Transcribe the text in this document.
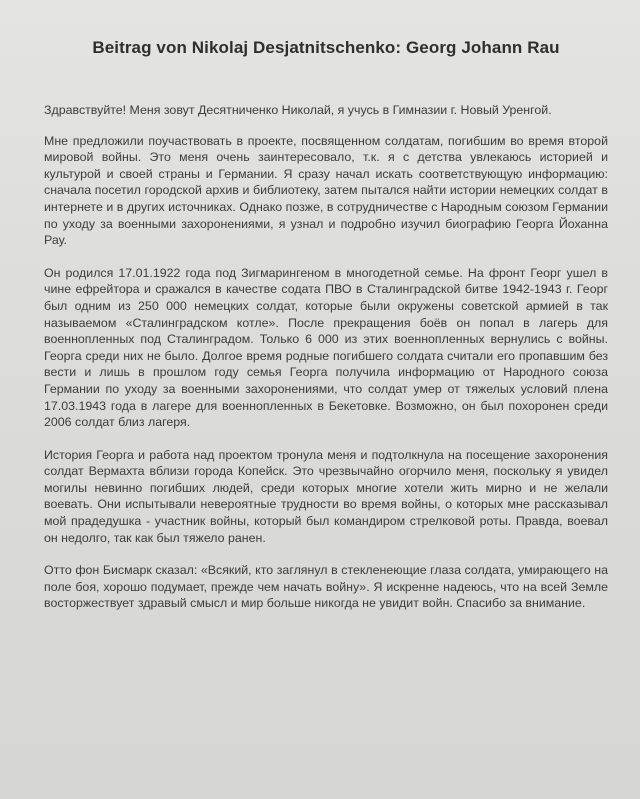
Beitrag von Nikolaj Desjatnitschenko: Georg Johann Rau

Здравствуйте! Меня зовут Десятниченко Николай, я учусь в Гимназии г. Новый Уренгой.

Мне предложили поучаствовать в проекте, посвященном солдатам, погибшим во время второй мировой войны. Это меня очень заинтересовало, т.к. я с детства увлекаюсь историей и культурой и своей страны и Германии. Я сразу начал искать соответствующую информацию: сначала посетил городской архив и библиотеку, затем пытался найти истории немецких солдат в интернете и в других источниках. Однако позже, в сотрудничестве с Народным союзом Германии по уходу за военными захоронениями, я узнал и подробно изучил биографию Георга Йоханна Рау.

Он родился 17.01.1922 года под Зигмарингеном в многодетной семье. На фронт Георг ушел в чине ефрейтора и сражался в качестве содата ПВО в Сталинградской битве 1942-1943 г. Георг был одним из 250 000 немецких солдат, которые были окружены советской армией в так называемом «Сталинградском котле». После прекращения боёв он попал в лагерь для военнопленных под Сталинградом. Только 6 000 из этих военнопленных вернулись с войны. Георга среди них не было. Долгое время родные погибшего солдата считали его пропавшим без вести и лишь в прошлом году семья Георга получила информацию от Народного союза Германии по уходу за военными захоронениями, что солдат умер от тяжелых условий плена 17.03.1943 года в лагере для военнопленных в Бекетовке. Возможно, он был похоронен среди 2006 солдат близ лагеря.

История Георга и работа над проектом тронула меня и подтолкнула на посещение захоронения солдат Вермахта вблизи города Копейск. Это чрезвычайно огорчило меня, поскольку я увидел могилы невинно погибших людей, среди которых многие хотели жить мирно и не желали воевать. Они испытывали невероятные трудности во время войны, о которых мне рассказывал мой прадедушка - участник войны, который был командиром стрелковой роты. Правда, воевал он недолго, так как был тяжело ранен.

Отто фон Бисмарк сказал: «Всякий, кто заглянул в стекленеющие глаза солдата, умирающего на поле боя, хорошо подумает, прежде чем начать войну». Я искренне надеюсь, что на всей Земле восторжествует здравый смысл и мир больше никогда не увидит войн. Спасибо за внимание.
